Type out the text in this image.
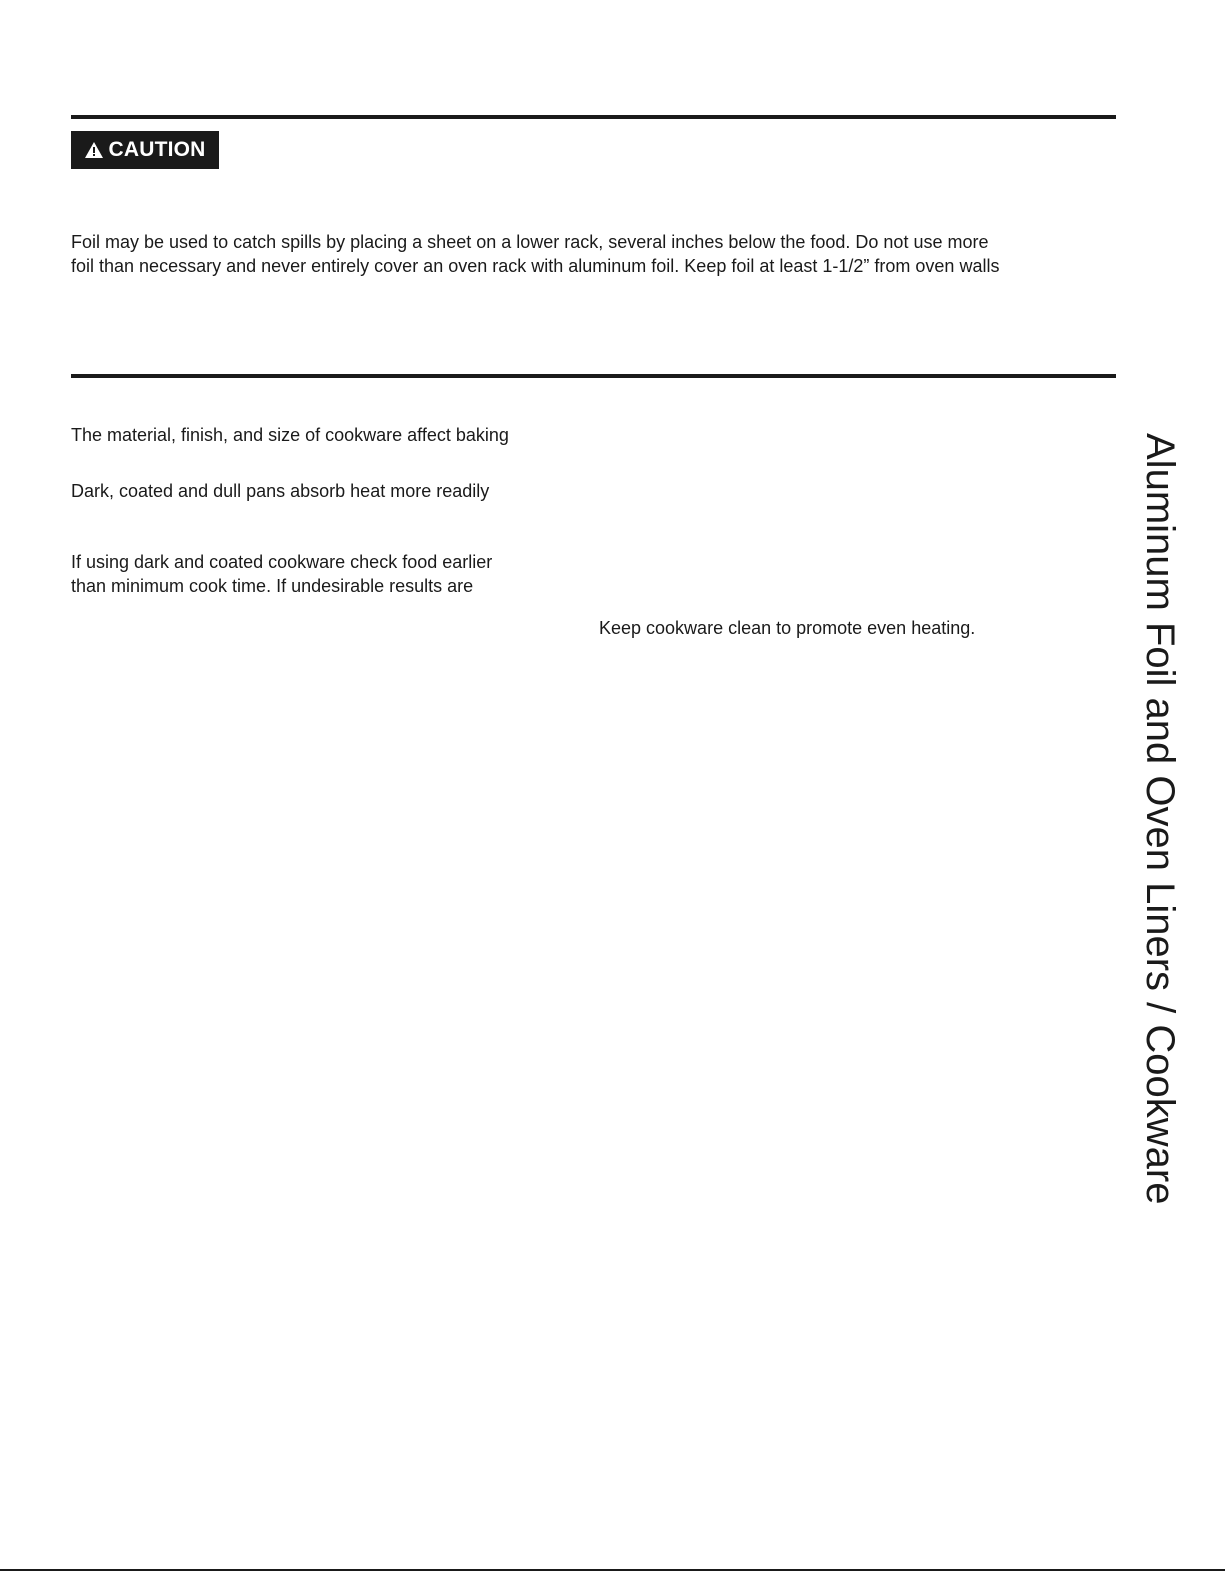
CAUTION
Foil may be used to catch spills by placing a sheet on a lower rack, several inches below the food. Do not use more
foil than necessary and never entirely cover an oven rack with aluminum foil. Keep foil at least 1-1/2” from oven walls
The material, finish, and size of cookware affect baking
Dark, coated and dull pans absorb heat more readily
If using dark and coated cookware check food earlier
than minimum cook time. If undesirable results are
Keep cookware clean to promote even heating.	Aluminum Foil and Oven Liners / Cookware
